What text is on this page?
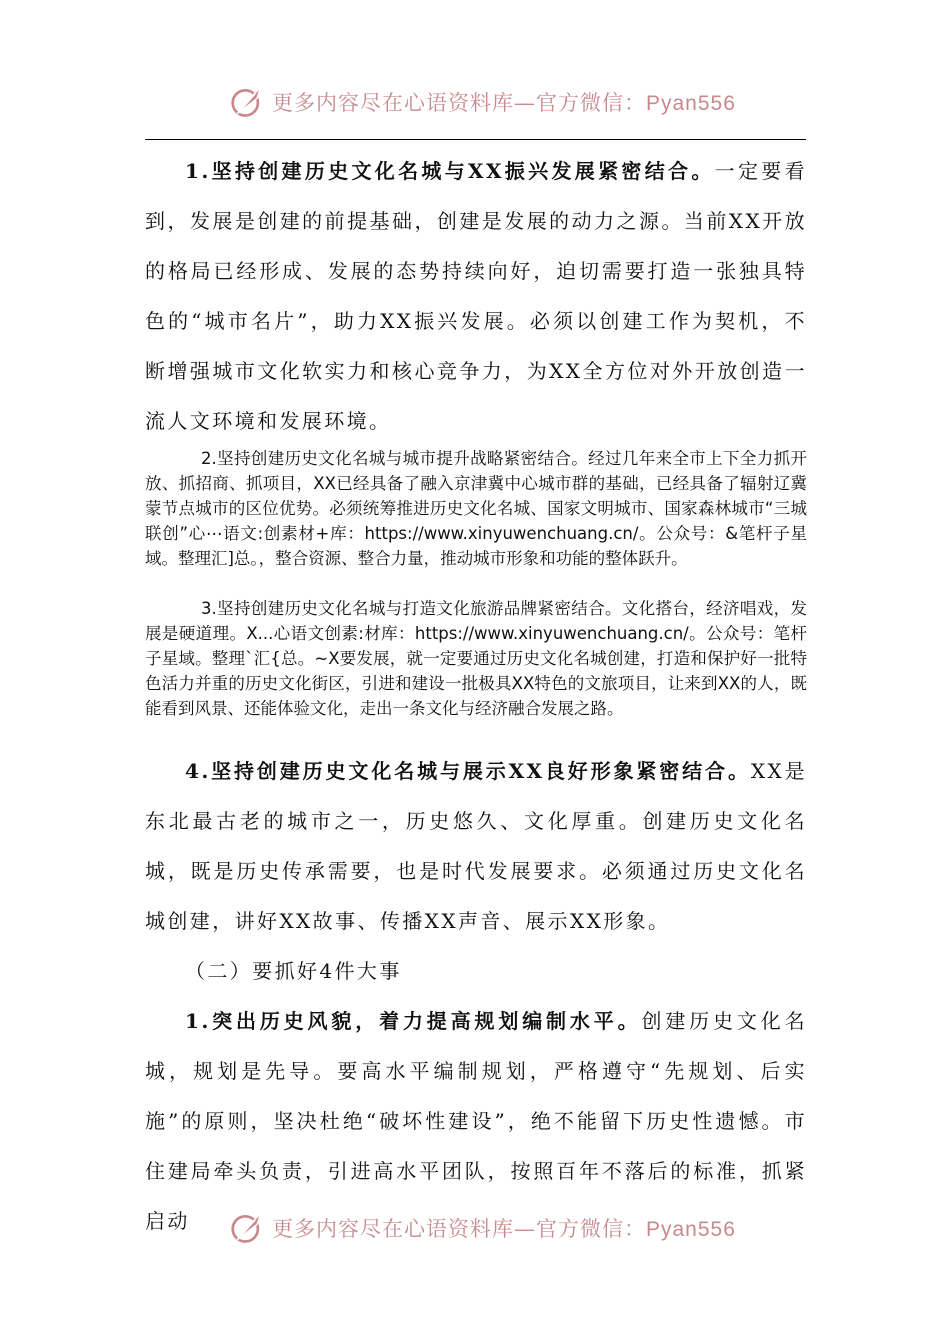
更多内容尽在心语资料库—官方微信：Pyan556
1.坚持创建历史文化名城与XX振兴发展紧密结合。一定要看到，发展是创建的前提基础，创建是发展的动力之源。当前XX开放的格局已经形成、发展的态势持续向好，迫切需要打造一张独具特色的“城市名片”，助力XX振兴发展。必须以创建工作为契机，不断增强城市文化软实力和核心竞争力，为XX全方位对外开放创造一流人文环境和发展环境。
2.坚持创建历史文化名城与城市提升战略紧密结合。经过几年来全市上下全力抓开放、抓招商、抓项目，XX已经具备了融入京津冀中心城市群的基础，已经具备了辐射辽冀蒙节点城市的区位优势。必须统筹推进历史文化名城、国家文明城市、国家森林城市“三城联创”心⋯语文:创素材+库：https://www.xinyuwenchuang.cn/。公众号：&笔杆子星域。整理汇]总。，整合资源、整合力量，推动城市形象和功能的整体跃升。
3.坚持创建历史文化名城与打造文化旅游品牌紧密结合。文化搭台，经济唱戏，发展是硬道理。X...心语文创素:材库：https://www.xinyuwenchuang.cn/。公众号：笔杆子星域。整理`汇{总。~X要发展，就一定要通过历史文化名城创建，打造和保护好一批特色活力并重的历史文化街区，引进和建设一批极具XX特色的文旅项目，让来到XX的人，既能看到风景、还能体验文化，走出一条文化与经济融合发展之路。
4.坚持创建历史文化名城与展示XX良好形象紧密结合。XX是东北最古老的城市之一，历史悠久、文化厚重。创建历史文化名城，既是历史传承需要，也是时代发展要求。必须通过历史文化名城创建，讲好XX故事、传播XX声音、展示XX形象。
（二）要抓好4件大事
1.突出历史风貌，着力提高规划编制水平。创建历史文化名城，规划是先导。要高水平编制规划，严格遵守“先规划、后实施”的原则，坚决杜绝“破坏性建设”，绝不能留下历史性遗憾。市住建局牵头负责，引进高水平团队，按照百年不落后的标准，抓紧启动	更多内容尽在心语资料库—官方微信：Pyan556
